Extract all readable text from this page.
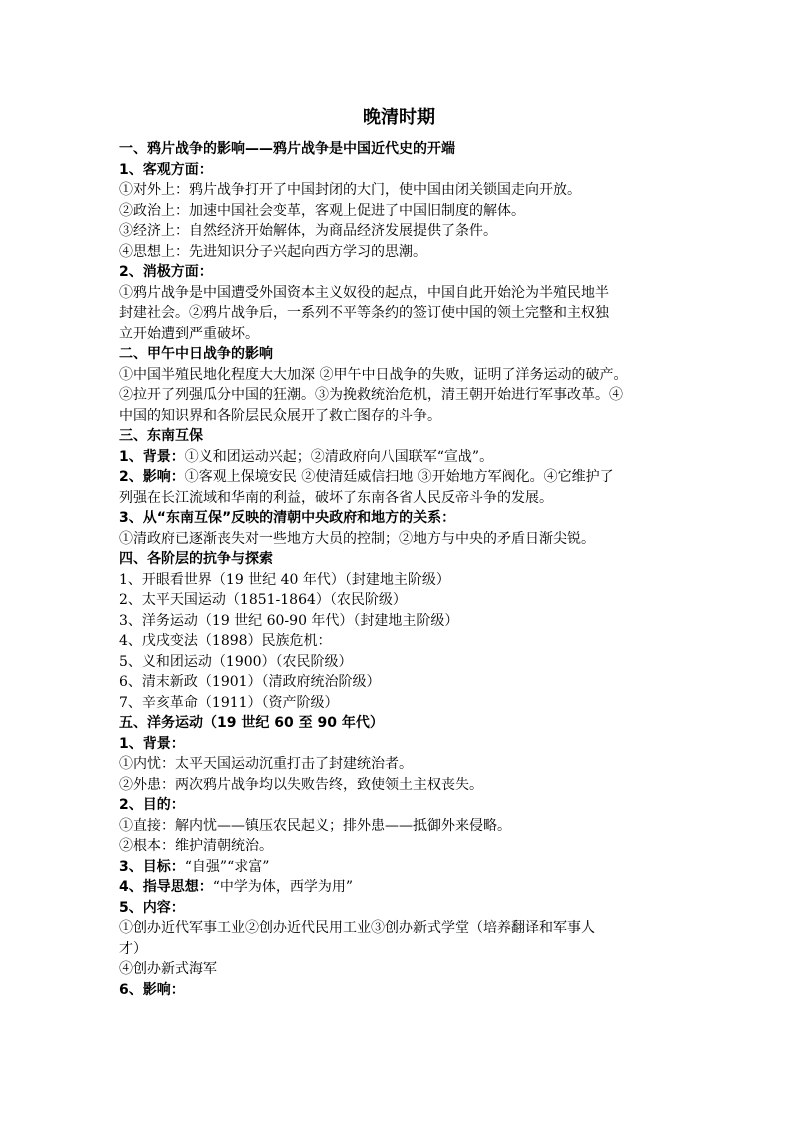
晚清时期

一、鸦片战争的影响——鸦片战争是中国近代史的开端

1、客观方面：

①对外上：鸦片战争打开了中国封闭的大门，使中国由闭关锁国走向开放。

②政治上：加速中国社会变革，客观上促进了中国旧制度的解体。

③经济上：自然经济开始解体，为商品经济发展提供了条件。

④思想上：先进知识分子兴起向西方学习的思潮。

2、消极方面：

①鸦片战争是中国遭受外国资本主义奴役的起点，中国自此开始沦为半殖民地半

封建社会。②鸦片战争后，一系列不平等条约的签订使中国的领土完整和主权独

立开始遭到严重破坏。

二、甲午中日战争的影响

①中国半殖民地化程度大大加深 ②甲午中日战争的失败，证明了洋务运动的破产。

②拉开了列强瓜分中国的狂潮。③为挽救统治危机，清王朝开始进行军事改革。④

中国的知识界和各阶层民众展开了救亡图存的斗争。

三、东南互保

1、背景：①义和团运动兴起；②清政府向八国联军“宣战”。

2、影响：①客观上保境安民 ②使清廷威信扫地 ③开始地方军阀化。④它维护了

列强在长江流域和华南的利益，破坏了东南各省人民反帝斗争的发展。

3、从“东南互保”反映的清朝中央政府和地方的关系：

①清政府已逐渐丧失对一些地方大员的控制；②地方与中央的矛盾日渐尖锐。

四、各阶层的抗争与探索

1、开眼看世界（19 世纪 40 年代）（封建地主阶级）

2、太平天国运动（1851-1864）（农民阶级）

3、洋务运动（19 世纪 60-90 年代）（封建地主阶级）

4、戊戌变法（1898）民族危机：

5、义和团运动（1900）（农民阶级）

6、清末新政（1901）（清政府统治阶级）

7、辛亥革命（1911）（资产阶级）

五、洋务运动（19 世纪 60 至 90 年代）

1、背景：

①内忧：太平天国运动沉重打击了封建统治者。

②外患：两次鸦片战争均以失败告终，致使领土主权丧失。

2、目的：

①直接：解内忧——镇压农民起义；排外患——抵御外来侵略。

②根本：维护清朝统治。

3、目标：“自强”“求富”

4、指导思想：“中学为体，西学为用”

5、内容：

①创办近代军事工业②创办近代民用工业③创办新式学堂（培养翻译和军事人

才）

④创办新式海军

6、影响：
